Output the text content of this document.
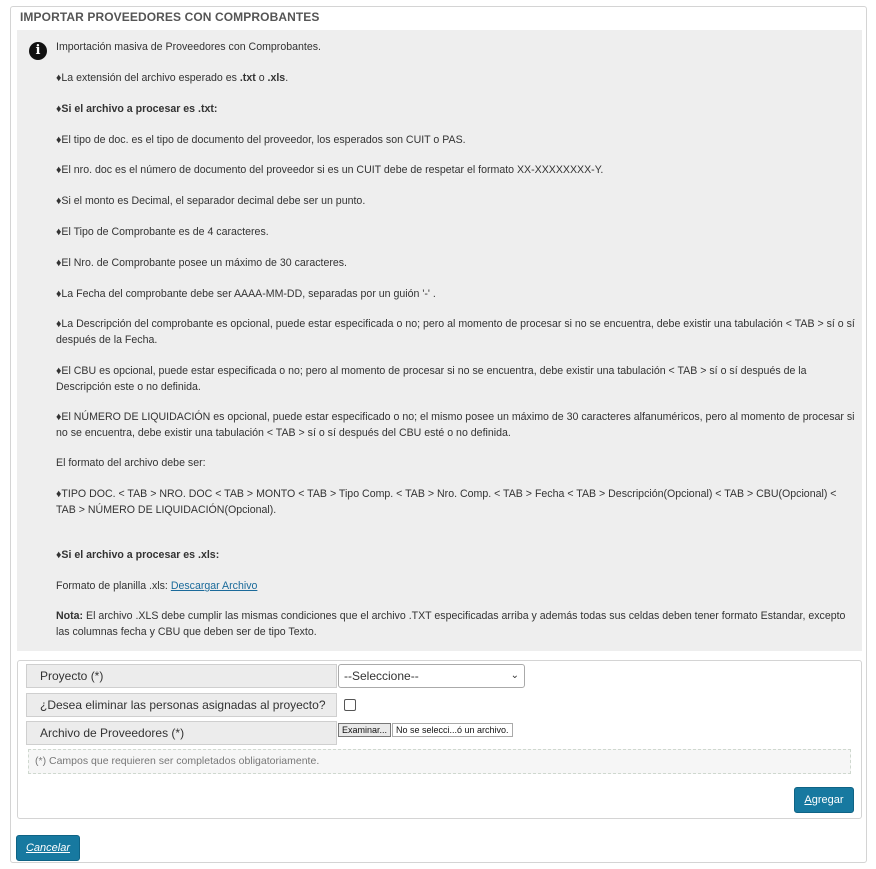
IMPORTAR PROVEEDORES CON COMPROBANTES
i	Importación masiva de Proveedores con Comprobantes.

♦La extensión del archivo esperado es .txt o .xls.

♦Si el archivo a procesar es .txt:

♦El tipo de doc. es el tipo de documento del proveedor, los esperados son CUIT o PAS.

♦El nro. doc es el número de documento del proveedor si es un CUIT debe de respetar el formato XX-XXXXXXXX-Y.

♦Si el monto es Decimal, el separador decimal debe ser un punto.

♦El Tipo de Comprobante es de 4 caracteres.

♦El Nro. de Comprobante posee un máximo de 30 caracteres.

♦La Fecha del comprobante debe ser AAAA-MM-DD, separadas por un guión '-' .

♦La Descripción del comprobante es opcional, puede estar especificada o no; pero al momento de procesar si no se encuentra, debe existir una tabulación < TAB > sí o sí después de la Fecha.

♦El CBU es opcional, puede estar especificada o no; pero al momento de procesar si no se encuentra, debe existir una tabulación < TAB > sí o sí después de la Descripción este o no definida.

♦El NÚMERO DE LIQUIDACIÓN es opcional, puede estar especificado o no; el mismo posee un máximo de 30 caracteres alfanuméricos, pero al momento de procesar si no se encuentra, debe existir una tabulación < TAB > sí o sí después del CBU esté o no definida.

El formato del archivo debe ser:

♦TIPO DOC. < TAB > NRO. DOC < TAB > MONTO < TAB > Tipo Comp. < TAB > Nro. Comp. < TAB > Fecha < TAB > Descripción(Opcional) < TAB > CBU(Opcional) < TAB > NÚMERO DE LIQUIDACIÓN(Opcional).

♦Si el archivo a procesar es .xls:

Formato de planilla .xls: Descargar Archivo

Nota: El archivo .XLS debe cumplir las mismas condiciones que el archivo .TXT especificadas arriba y además todas sus celdas deben tener formato Estandar, excepto las columnas fecha y CBU que deben ser de tipo Texto.

Proyecto (*)	--Seleccione--	⌄
¿Desea eliminar las personas asignadas al proyecto?
Archivo de Proveedores (*)	Examinar... No se selecci...ó un archivo.
(*) Campos que requieren ser completados obligatoriamente.
Agregar
Cancelar
